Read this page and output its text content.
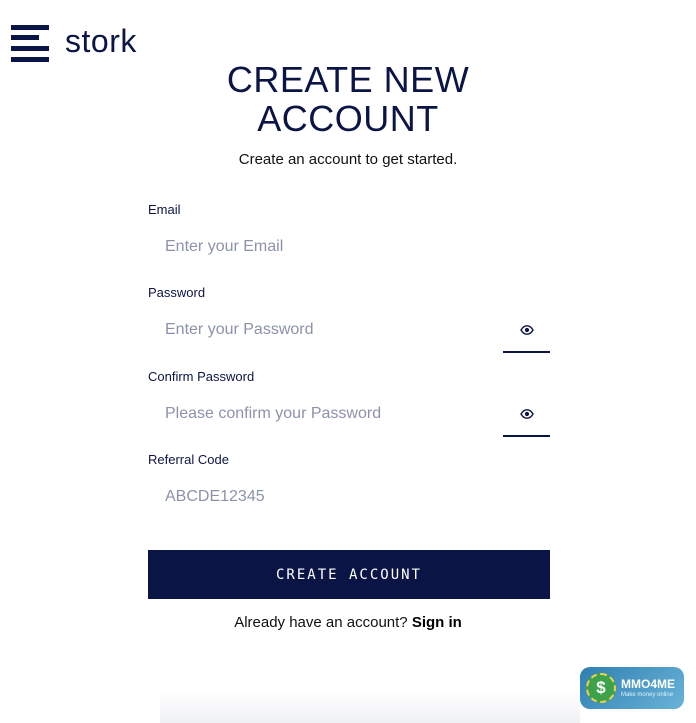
stork
CREATE NEW
ACCOUNT
Create an account to get started.
Email
Enter your Email
Password
Confirm Password
Referral Code
ABCDE12345
CREATE ACCOUNT
Already have an account? Sign in
$	MMO4ME
Make money online
